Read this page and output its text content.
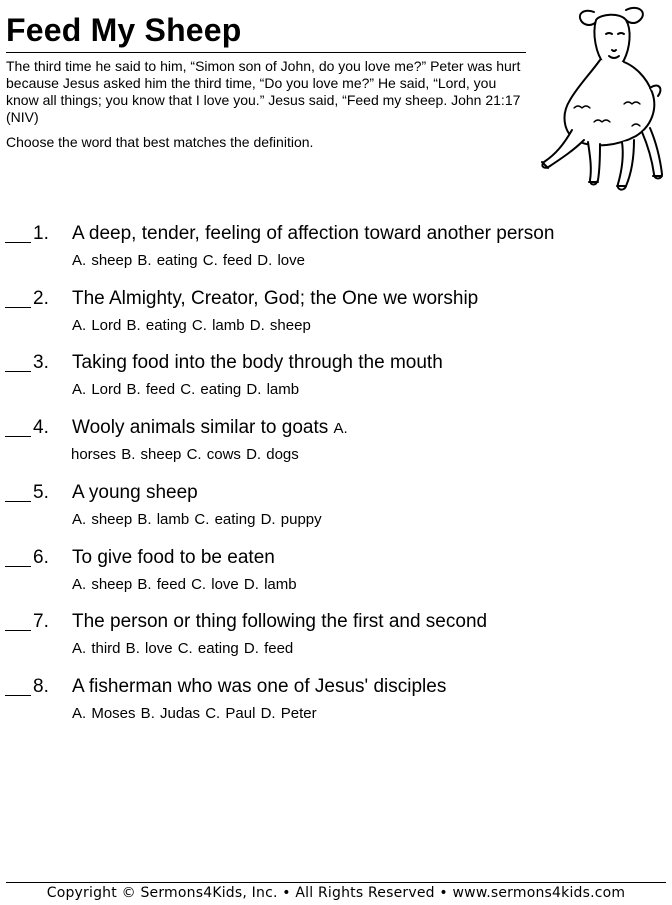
Feed My Sheep
The third time he said to him, “Simon son of John, do you love me?” Peter was hurt because Jesus asked him the third time, “Do you love me?” He said, “Lord, you know all things; you know that I love you.” Jesus said, “Feed my sheep. John 21:17 (NIV)
Choose the word that best matches the definition.
1. A deep, tender, feeling of affection toward another person
A. sheep B. eating C. feed D. love
2. The Almighty, Creator, God; the One we worship
A. Lord B. eating C. lamb D. sheep
3. Taking food into the body through the mouth
A. Lord B. feed C. eating D. lamb
4. Wooly animals similar to goats A.
horses B. sheep C. cows D. dogs
5. A young sheep
A. sheep B. lamb C. eating D. puppy
6. To give food to be eaten
A. sheep B. feed C. love D. lamb
7. The person or thing following the first and second
A. third B. love C. eating D. feed
8. A fisherman who was one of Jesus' disciples
A. Moses B. Judas C. Paul D. Peter
Copyright © Sermons4Kids, Inc. • All Rights Reserved • www.sermons4kids.com
